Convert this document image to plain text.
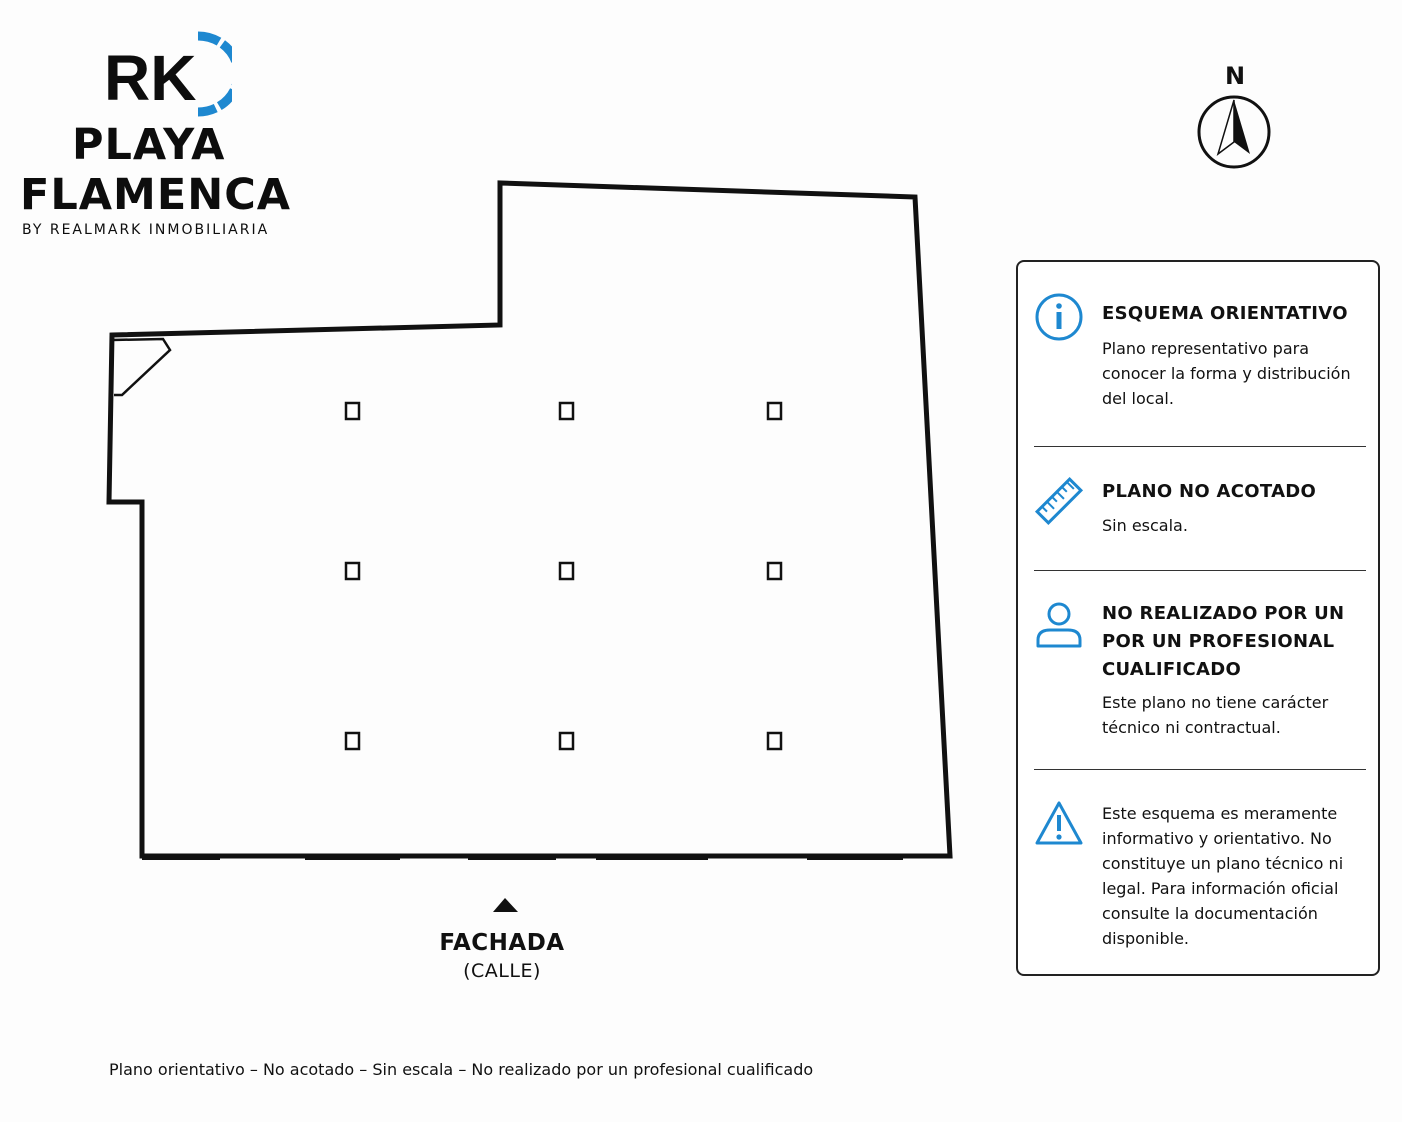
RK
PLAYA
FLAMENCA
BY REALMARK INMOBILIARIA
N
FACHADA
(CALLE)
ESQUEMA ORIENTATIVO
Plano representativo para conocer la forma y distribución del local.
PLANO NO ACOTADO
Sin escala.
NO REALIZADO POR UN POR UN PROFESIONAL CUALIFICADO
Este plano no tiene carácter técnico ni contractual.
Este esquema es meramente informativo y orientativo. No constituye un plano técnico ni legal. Para información oficial consulte la documentación disponible.
Plano orientativo – No acotado – Sin escala – No realizado por un profesional cualificado
